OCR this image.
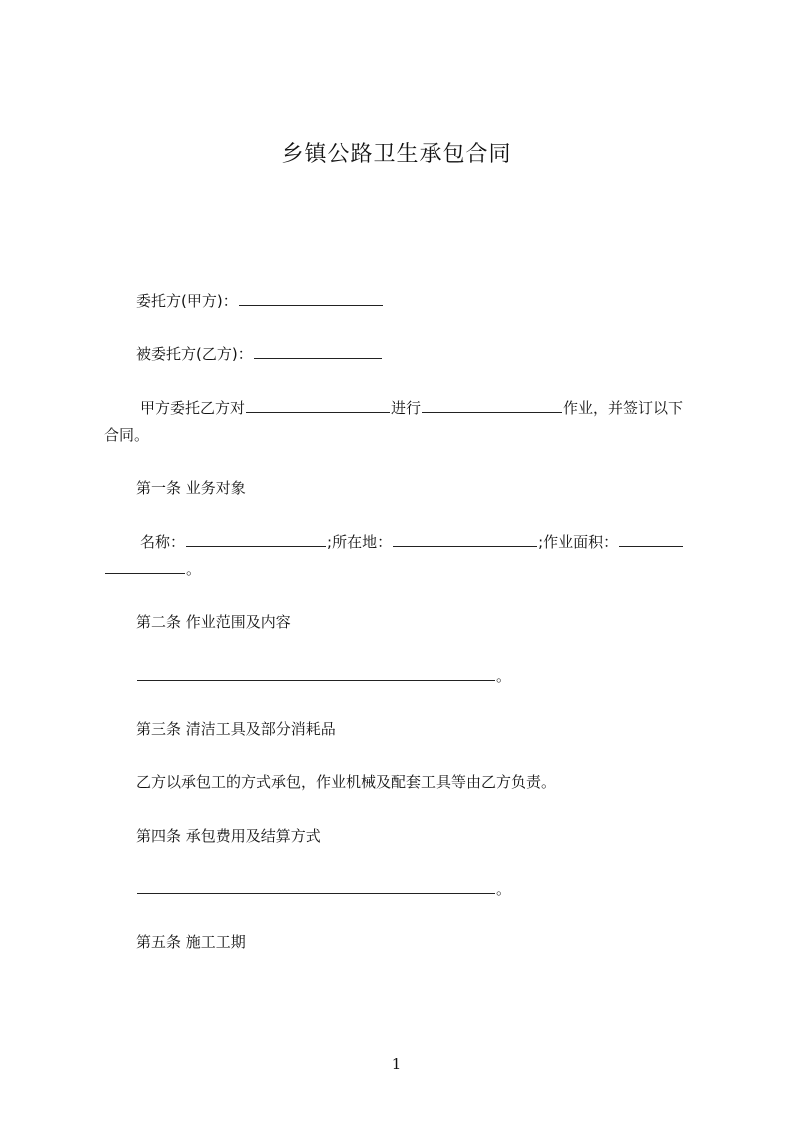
乡镇公路卫生承包合同
委托方(甲方)：
被委托方(乙方)：
甲方委托乙方对	进行	作业，并签订以下
合同。
第一条 业务对象
名称：	;所在地：	;作业面积：
。
第二条 作业范围及内容
。
第三条 清洁工具及部分消耗品
乙方以承包工的方式承包，作业机械及配套工具等由乙方负责。
第四条 承包费用及结算方式
。
第五条 施工工期
1
